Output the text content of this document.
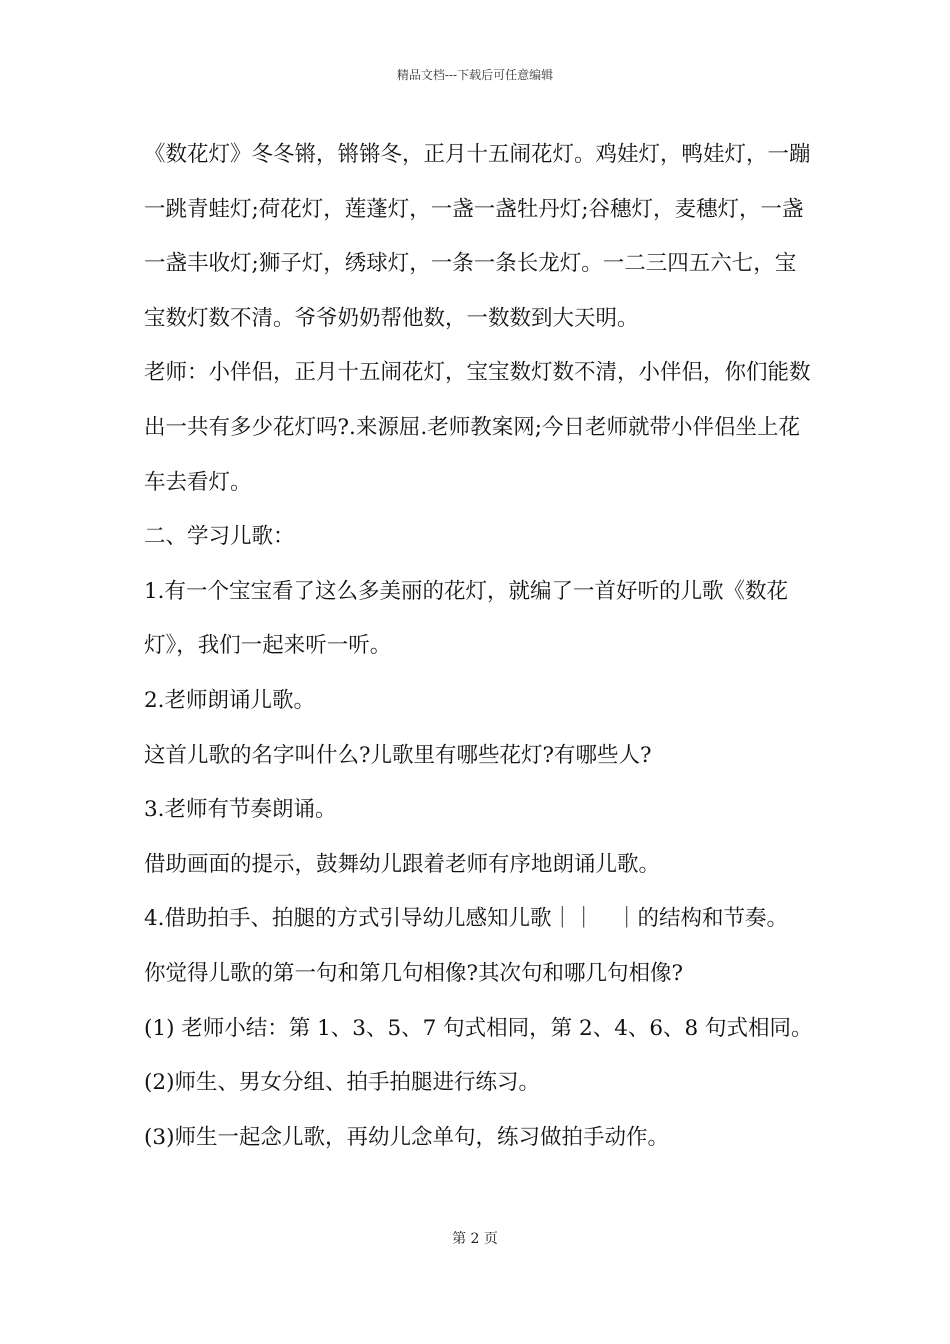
精品文档---下载后可任意编辑

《数花灯》冬冬锵，锵锵冬，正月十五闹花灯。鸡娃灯，鸭娃灯，一蹦一跳青蛙灯;荷花灯，莲蓬灯，一盏一盏牡丹灯;谷穗灯，麦穗灯，一盏一盏丰收灯;狮子灯，绣球灯，一条一条长龙灯。一二三四五六七，宝宝数灯数不清。爷爷奶奶帮他数，一数数到大天明。

老师：小伴侣，正月十五闹花灯，宝宝数灯数不清，小伴侣，你们能数出一共有多少花灯吗?.来源屈.老师教案网;今日老师就带小伴侣坐上花车去看灯。

二、学习儿歌：

1.有一个宝宝看了这么多美丽的花灯，就编了一首好听的儿歌《数花灯》，我们一起来听一听。

2.老师朗诵儿歌。

这首儿歌的名字叫什么?儿歌里有哪些花灯?有哪些人?

3.老师有节奏朗诵。

借助画面的提示，鼓舞幼儿跟着老师有序地朗诵儿歌。

4.借助拍手、拍腿的方式引导幼儿感知儿歌｜｜　｜的结构和节奏。

你觉得儿歌的第一句和第几句相像?其次句和哪几句相像?

(1) 老师小结：第 1、3、5、7 句式相同，第 2、4、6、8 句式相同。

(2)师生、男女分组、拍手拍腿进行练习。

(3)师生一起念儿歌，再幼儿念单句，练习做拍手动作。

第 2 页
